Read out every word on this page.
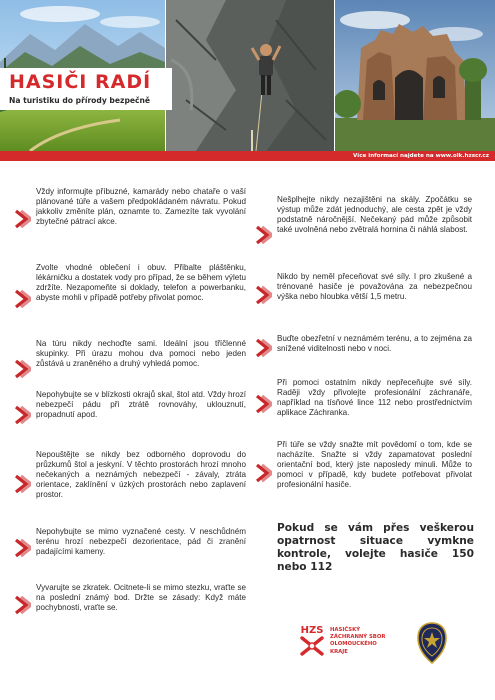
HASIČI RADÍ
Na turistiku do přírody bezpečně
Více informací najdete na www.olk.hzscr.cz
Vždy informujte příbuzné, kamarády nebo chataře o vaší plánované túře a vašem předpokládaném návratu. Pokud jakkoliv změníte plán, oznamte to. Zamezíte tak vyvolání zbytečné pátrací akce.
Zvolte vhodné oblečení i obuv. Přibalte pláštěnku, lékárničku a dostatek vody pro případ, že se během výletu zdržíte. Nezapomeňte si doklady, telefon a powerbanku, abyste mohli v případě potřeby přivolat pomoc.
Na túru nikdy nechoďte sami. Ideální jsou tříčlenné skupinky. Při úrazu mohou dva pomoci nebo jeden zůstává u zraněného a druhý vyhledá pomoc.
Nepohybujte se v blízkosti okrajů skal, štol atd. Vždy hrozí nebezpečí pádu při ztrátě rovnováhy, uklouznutí, propadnutí apod.
Nepouštějte se nikdy bez odborného doprovodu do průzkumů štol a jeskyní. V těchto prostorách hrozí mnoho nečekaných a neznámých nebezpečí - závaly, ztráta orientace, zaklínění v úzkých prostorách nebo zaplavení prostor.
Nepohybujte se mimo vyznačené cesty. V neschůdném terénu hrozí nebezpečí dezorientace, pád či zranění padajícími kameny.
Vyvarujte se zkratek. Ocitnete-li se mimo stezku, vraťte se na poslední známý bod. Držte se zásady: Když máte pochybnosti, vraťte se.
Nešplhejte nikdy nezajištěni na skály. Zpočátku se výstup může zdát jednoduchý, ale cesta zpět je vždy podstatně náročnější. Nečekaný pád může způsobit také uvolněná nebo zvětralá hornina či náhlá slabost.
Nikdo by neměl přeceňovat své síly. I pro zkušené a trénované hasiče je považována za nebezpečnou výška nebo hloubka větší 1,5 metru.
Buďte obezřetní v neznámém terénu, a to zejména za snížené viditelnosti nebo v noci.
Při pomoci ostatním nikdy nepřeceňujte své síly. Raději vždy přivolejte profesionální záchranáře, například na tísňové lince 112 nebo prostřednictvím aplikace Záchranka.
Při túře se vždy snažte mít povědomí o tom, kde se nacházíte. Snažte si vždy zapamatovat poslední orientační bod, který jste naposledy minuli. Může to pomoci v případě, kdy budete potřebovat přivolat profesionální hasiče.
Pokud se vám přes veškerou opatrnost situace vymkne kontrole, volejte hasiče 150 nebo 112
HZS HASIČSKÝ
ZÁCHRANNÝ SBOR
OLOMOUCKÉHO
KRAJE
